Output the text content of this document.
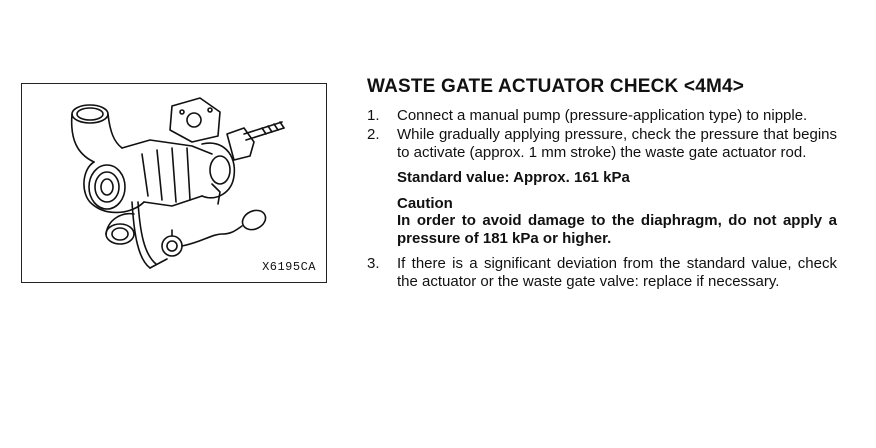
X6195CA
WASTE GATE ACTUATOR CHECK <4M4>
1.	Connect a manual pump (pressure-application type) to nipple.
2.	While gradually applying pressure, check the pressure that begins to activate (approx. 1 mm stroke) the waste gate actuator rod.
Standard value: Approx. 161 kPa
Caution
In order to avoid damage to the diaphragm, do not apply a pressure of 181 kPa or higher.
3.	If there is a significant deviation from the standard value, check the actuator or the waste gate valve: replace if necessary.
